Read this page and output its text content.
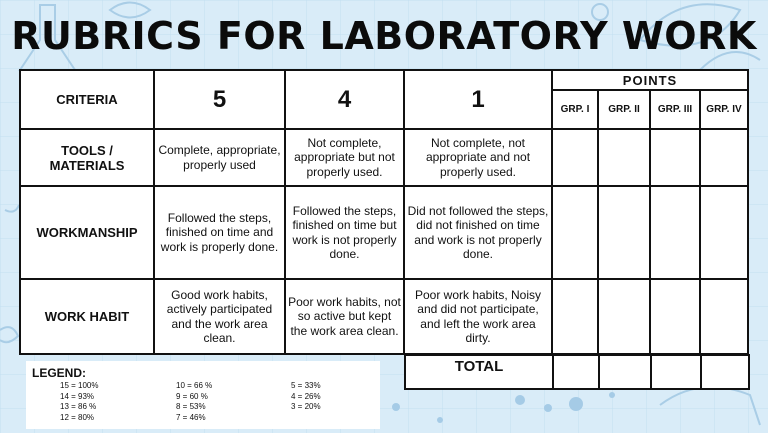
RUBRICS FOR LABORATORY WORK
CRITERIA	5	4	1	POINTS			
				GRP. I	GRP. II	GRP. III	GRP. IV
TOOLS / MATERIALS	Complete, appropriate, properly used	Not complete, appropriate but not properly used.	Not complete, not appropriate and not properly used.				
WORKMANSHIP	Followed the steps, finished on time and work is properly done.	Followed the steps, finished on time but work is not properly done.	Did not followed the steps, did not finished on time and work is not properly done.				
WORK HABIT	Good work habits, actively participated and the work area clean.	Poor work habits, not so active but kept the work area clean.	Poor work habits, Noisy and did not participate, and left the work area dirty.				
TOTAL				
LEGEND:
15 = 100%
14 = 93%
13 = 86 %
12 = 80%
10 = 66 %
9 = 60 %
8 = 53%
7 = 46%
5 = 33%
4 = 26%
3 = 20%
